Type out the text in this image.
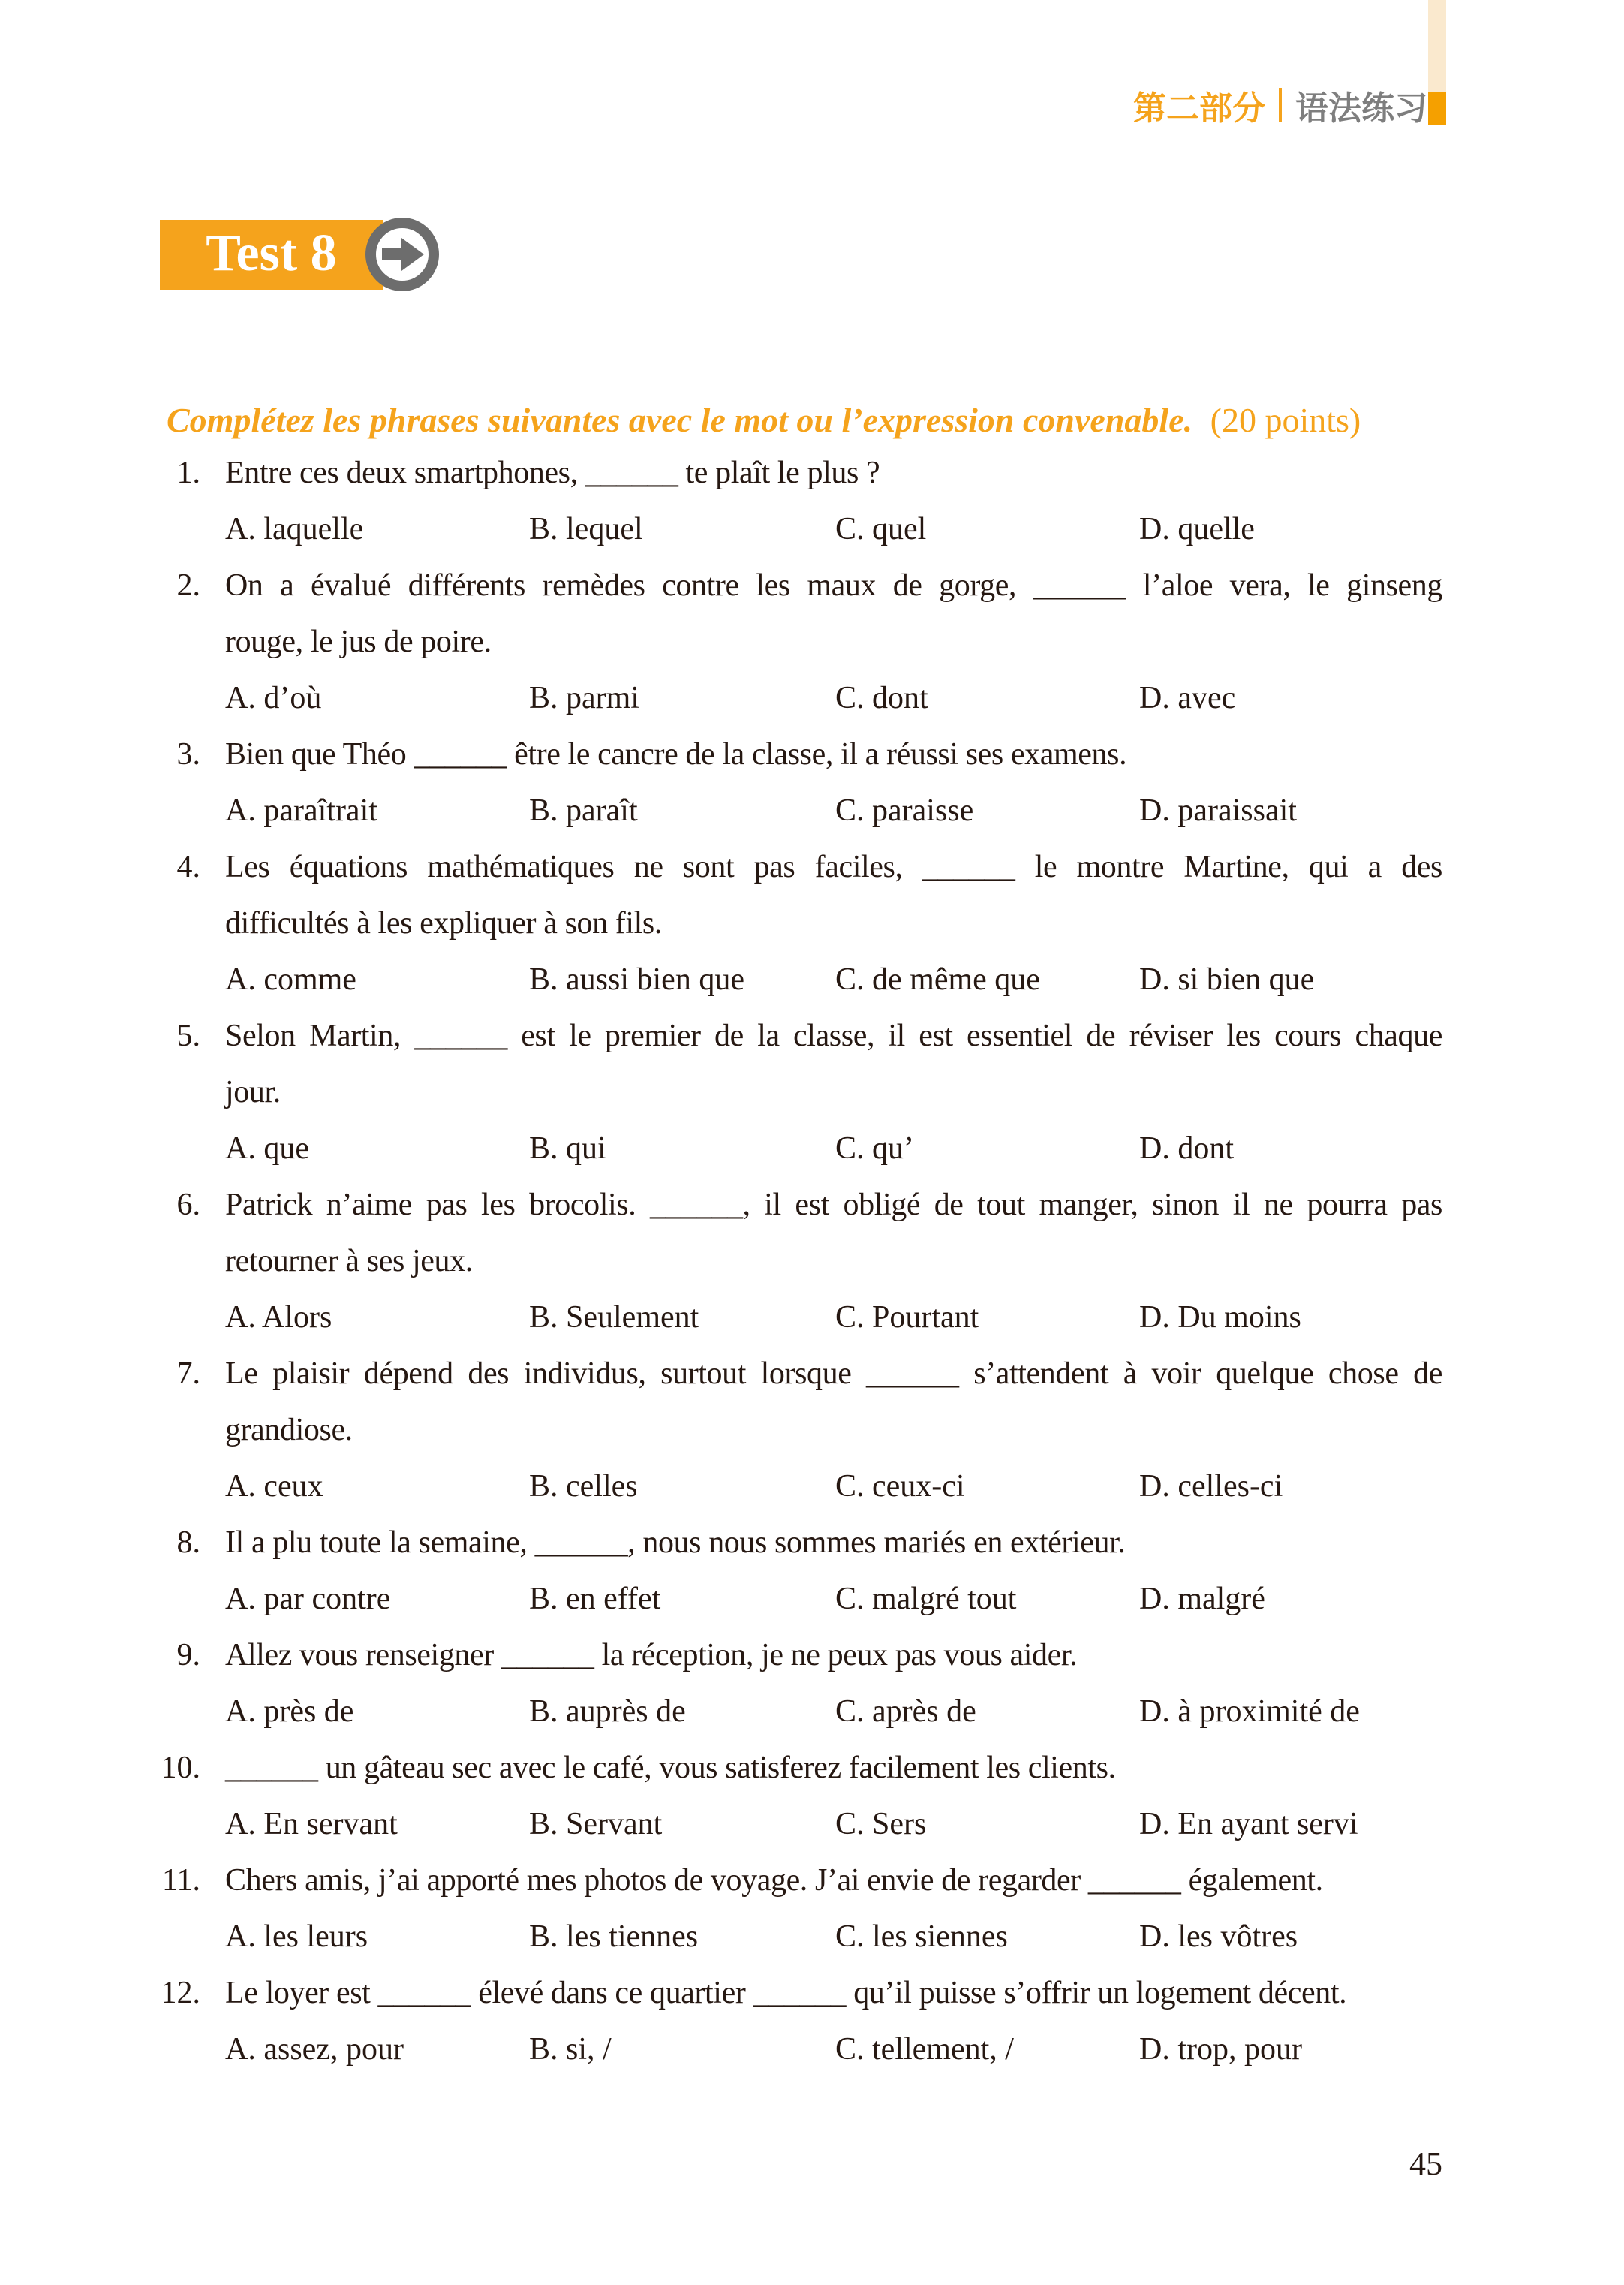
第二部分 语法练习
Test 8
Complétez les phrases suivantes avec le mot ou l’expression convenable. (20 points)
1. Entre ces deux smartphones, ______ te plaît le plus ?
A. laquelle	B. lequel	C. quel	D. quelle
2. On a évalué différents remèdes contre les maux de gorge, ______ l’aloe vera, le ginseng
rouge, le jus de poire.
A. d’où	B. parmi	C. dont	D. avec
3. Bien que Théo ______ être le cancre de la classe, il a réussi ses examens.
A. paraîtrait	B. paraît	C. paraisse	D. paraissait
4. Les équations mathématiques ne sont pas faciles, ______ le montre Martine, qui a des
difficultés à les expliquer à son fils.
A. comme	B. aussi bien que	C. de même que	D. si bien que
5. Selon Martin, ______ est le premier de la classe, il est essentiel de réviser les cours chaque
jour.
A. que	B. qui	C. qu’	D. dont
6. Patrick n’aime pas les brocolis. ______, il est obligé de tout manger, sinon il ne pourra pas
retourner à ses jeux.
A. Alors	B. Seulement	C. Pourtant	D. Du moins
7. Le plaisir dépend des individus, surtout lorsque ______ s’attendent à voir quelque chose de
grandiose.
A. ceux	B. celles	C. ceux-ci	D. celles-ci
8. Il a plu toute la semaine, ______, nous nous sommes mariés en extérieur.
A. par contre	B. en effet	C. malgré tout	D. malgré
9. Allez vous renseigner ______ la réception, je ne peux pas vous aider.
A. près de	B. auprès de	C. après de	D. à proximité de
10. ______ un gâteau sec avec le café, vous satisferez facilement les clients.
A. En servant	B. Servant	C. Sers	D. En ayant servi
11. Chers amis, j’ai apporté mes photos de voyage. J’ai envie de regarder ______ également.
A. les leurs	B. les tiennes	C. les siennes	D. les vôtres
12. Le loyer est ______ élevé dans ce quartier ______ qu’il puisse s’offrir un logement décent.
A. assez, pour	B. si, /	C. tellement, /	D. trop, pour
45
